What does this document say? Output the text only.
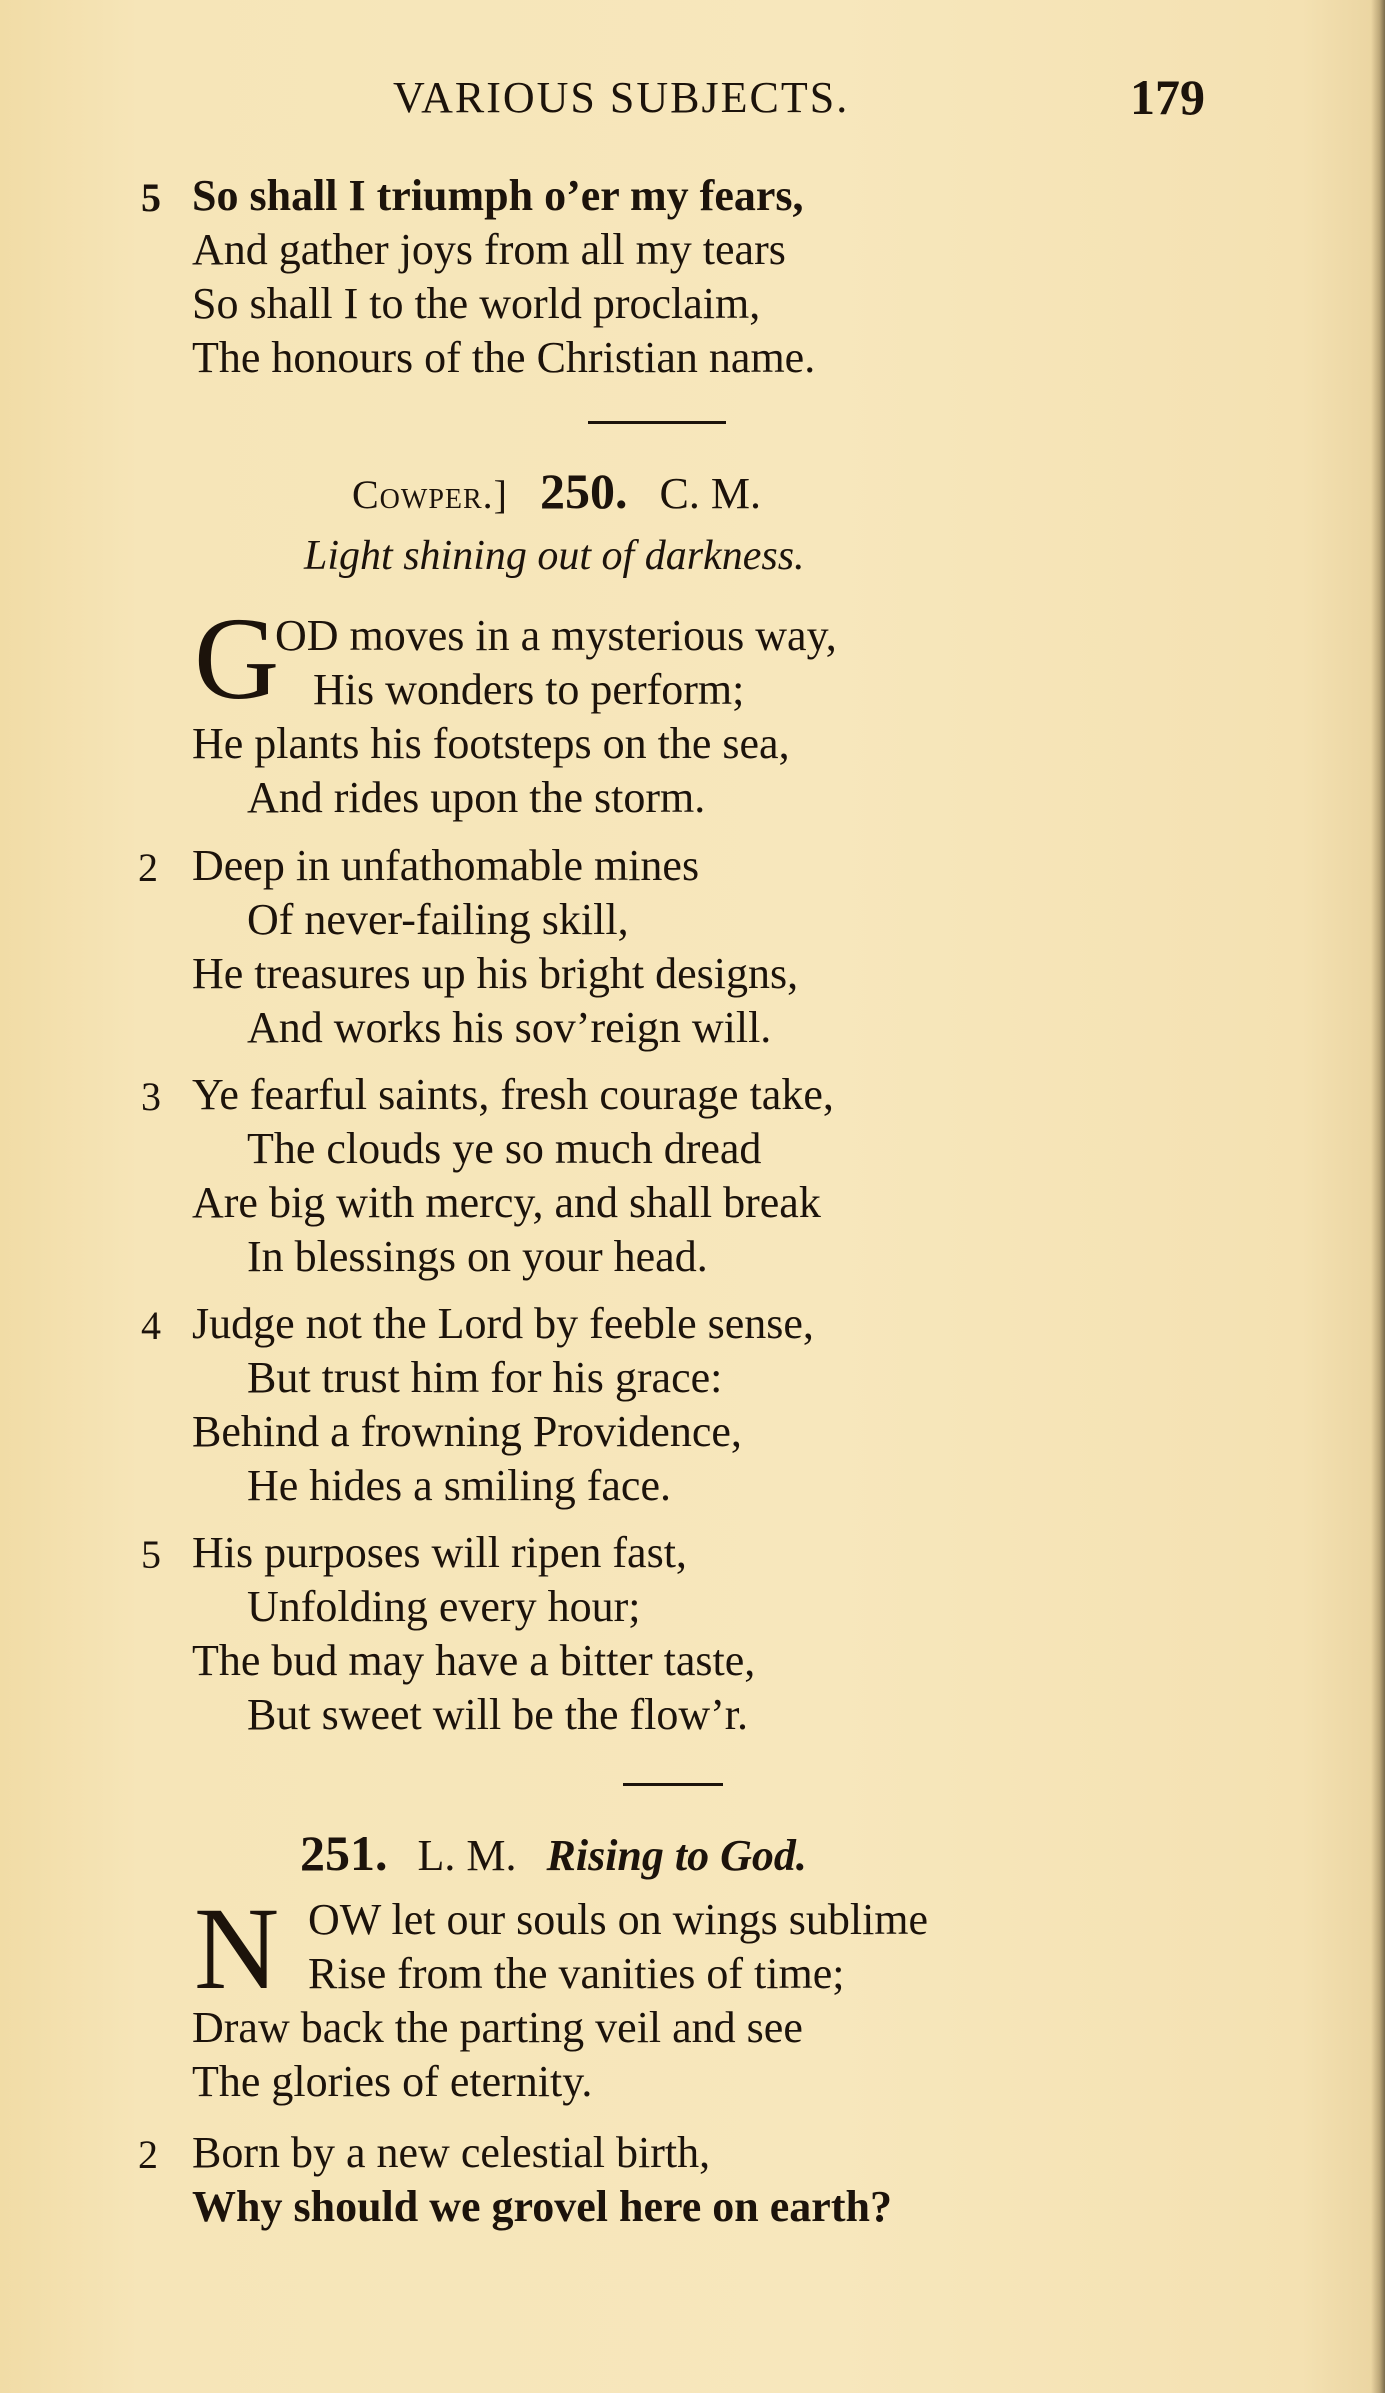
VARIOUS SUBJECTS.	179
5 So shall I triumph o’er my fears,
And gather joys from all my tears
So shall I to the world proclaim,
The honours of the Christian name.
Cowper.] 250. C. M.
Light shining out of darkness.
G
OD moves in a mysterious way,
His wonders to perform;
He plants his footsteps on the sea,
And rides upon the storm.
2 Deep in unfathomable mines
Of never-failing skill,
He treasures up his bright designs,
And works his sov’reign will.
3 Ye fearful saints, fresh courage take,
The clouds ye so much dread
Are big with mercy, and shall break
In blessings on your head.
4 Judge not the Lord by feeble sense,
But trust him for his grace:
Behind a frowning Providence,
He hides a smiling face.
5 His purposes will ripen fast,
Unfolding every hour;
The bud may have a bitter taste,
But sweet will be the flow’r.
251. L. M. Rising to God.
N OW let our souls on wings sublime
Rise from the vanities of time;
Draw back the parting veil and see
The glories of eternity.
2 Born by a new celestial birth,
Why should we grovel here on earth?
